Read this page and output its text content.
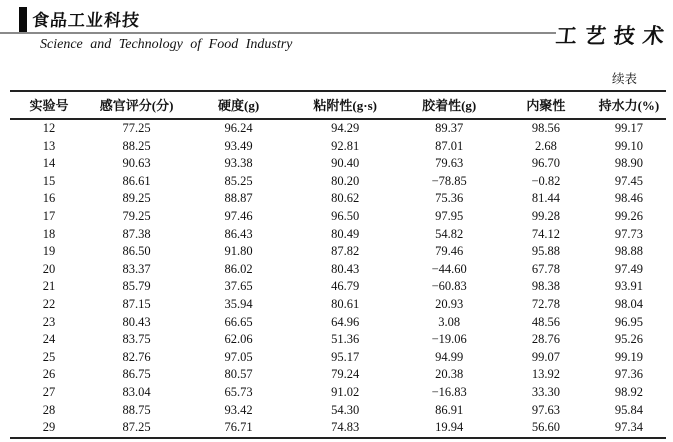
食品工业科技
工艺技术
Science and Technology of Food Industry
续表
实验号	感官评分(分)	硬度(g)	粘附性(g·s)	胶着性(g)	内聚性	持水力(%)
12	77.25	96.24	94.29	89.37	98.56	99.17
13	88.25	93.49	92.81	87.01	2.68	99.10
14	90.63	93.38	90.40	79.63	96.70	98.90
15	86.61	85.25	80.20	−78.85	−0.82	97.45
16	89.25	88.87	80.62	75.36	81.44	98.46
17	79.25	97.46	96.50	97.95	99.28	99.26
18	87.38	86.43	80.49	54.82	74.12	97.73
19	86.50	91.80	87.82	79.46	95.88	98.88
20	83.37	86.02	80.43	−44.60	67.78	97.49
21	85.79	37.65	46.79	−60.83	98.38	93.91
22	87.15	35.94	80.61	20.93	72.78	98.04
23	80.43	66.65	64.96	3.08	48.56	96.95
24	83.75	62.06	51.36	−19.06	28.76	95.26
25	82.76	97.05	95.17	94.99	99.07	99.19
26	86.75	80.57	79.24	20.38	13.92	97.36
27	83.04	65.73	91.02	−16.83	33.30	98.92
28	88.75	93.42	54.30	86.91	97.63	95.84
29	87.25	76.71	74.83	19.94	56.60	97.34
